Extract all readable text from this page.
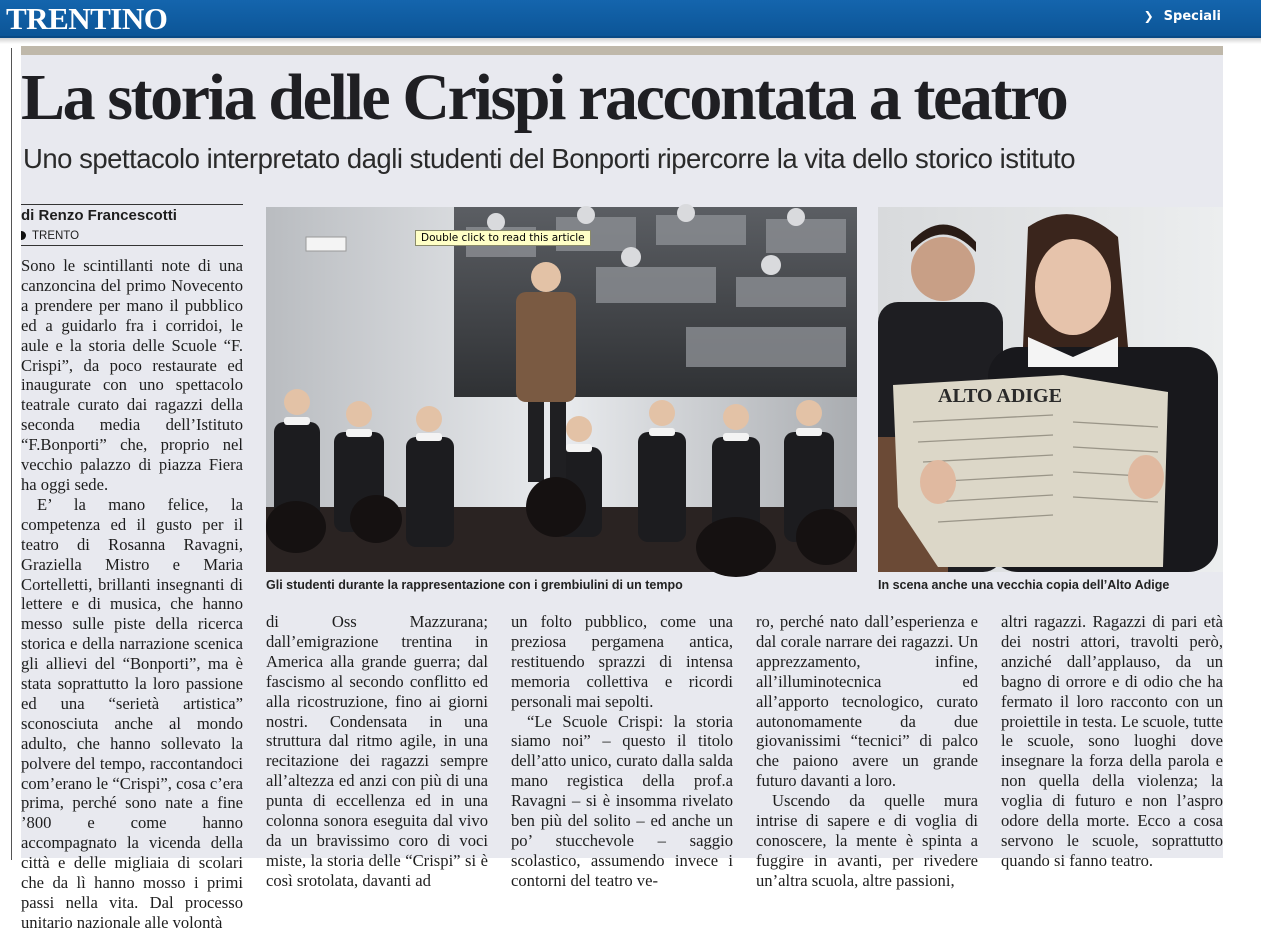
TRENTINO	❯ Speciali
La storia delle Crispi raccontata a teatro
Uno spettacolo interpretato dagli studenti del Bonporti ripercorre la vita dello storico istituto
di Renzo Francescotti
TRENTO

Sono le scintillanti note di una canzoncina del primo Novecento a prendere per mano il pubblico ed a guidarlo fra i corridoi, le aule e la storia delle Scuole “F. Crispi”, da poco restaurate ed inaugurate con uno spettacolo teatrale curato dai ragazzi della seconda media dell’Istituto “F.Bonporti” che, proprio nel vecchio palazzo di piazza Fiera ha oggi sede.

E’ la mano felice, la competenza ed il gusto per il teatro di Rosanna Ravagni, Graziella Mistro e Maria Cortelletti, brillanti insegnanti di lettere e di musica, che hanno messo sulle piste della ricerca storica e della narrazione scenica gli allievi del “Bonporti”, ma è stata soprattutto la loro passione ed una “serietà artistica” sconosciuta anche al mondo adulto, che hanno sollevato la polvere del tempo, raccontandoci com’erano le “Crispi”, cosa c’era prima, perché sono nate a fine ’800 e come hanno accompagnato la vicenda della città e delle migliaia di scolari che da lì hanno mosso i primi passi nella vita. Dal processo unitario nazionale alle volontà

Gli studenti durante la rappresentazione con i grembiulini di un tempo
ALTO ADIGE
In scena anche una vecchia copia dell’Alto Adige

di Oss Mazzurana; dall’emigrazione trentina in America alla grande guerra; dal fascismo al secondo conflitto ed alla ricostruzione, fino ai giorni nostri. Condensata in una struttura dal ritmo agile, in una recitazione dei ragazzi sempre all’altezza ed anzi con più di una punta di eccellenza ed in una colonna sonora eseguita dal vivo da un bravissimo coro di voci miste, la storia delle “Crispi” si è così srotolata, davanti ad

un folto pubblico, come una preziosa pergamena antica, restituendo sprazzi di intensa memoria collettiva e ricordi personali mai sepolti.

“Le Scuole Crispi: la storia siamo noi” – questo il titolo dell’atto unico, curato dalla salda mano registica della prof.a Ravagni – si è insomma rivelato ben più del solito – ed anche un po’ stucchevole – saggio scolastico, assumendo invece i contorni del teatro ve-

ro, perché nato dall’esperienza e dal corale narrare dei ragazzi. Un apprezzamento, infine, all’illuminotecnica ed all’apporto tecnologico, curato autonomamente da due giovanissimi “tecnici” di palco che paiono avere un grande futuro davanti a loro.

Uscendo da quelle mura intrise di sapere e di voglia di conoscere, la mente è spinta a fuggire in avanti, per rivedere un’altra scuola, altre passioni,

altri ragazzi. Ragazzi di pari età dei nostri attori, travolti però, anziché dall’applauso, da un bagno di orrore e di odio che ha fermato il loro racconto con un proiettile in testa. Le scuole, tutte le scuole, sono luoghi dove insegnare la forza della parola e non quella della violenza; la voglia di futuro e non l’aspro odore della morte. Ecco a cosa servono le scuole, soprattutto quando si fanno teatro.

Double click to read this article
